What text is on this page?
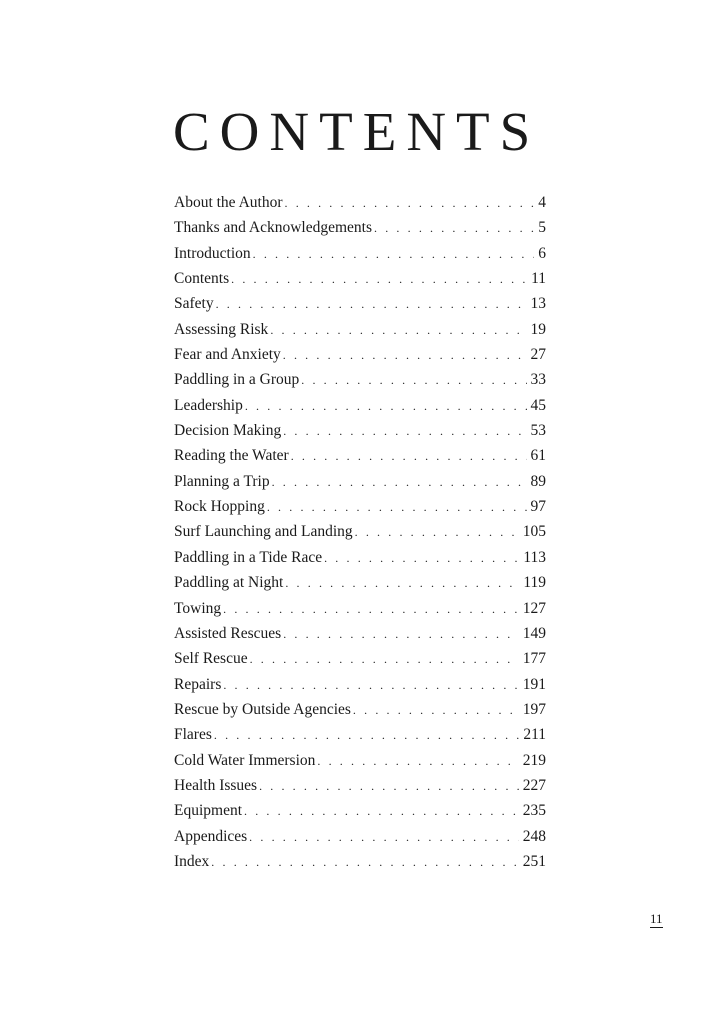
CONTENTS
About the Author . . .	4
Thanks and Acknowledgements . . .	5
Introduction . . .	6
Contents . . .	11
Safety . . .	13
Assessing Risk . . .	19
Fear and Anxiety . . .	27
Paddling in a Group . . .	33
Leadership . . .	45
Decision Making . . .	53
Reading the Water . . .	61
Planning a Trip . . .	89
Rock Hopping . . .	97
Surf Launching and Landing . . .	105
Paddling in a Tide Race . . .	113
Paddling at Night . . .	119
Towing . . .	127
Assisted Rescues . . .	149
Self Rescue . . .	177
Repairs . . .	191
Rescue by Outside Agencies . . .	197
Flares . . .	211
Cold Water Immersion . . .	219
Health Issues . . .	227
Equipment . . .	235
Appendices . . .	248
Index . . .	251
11
